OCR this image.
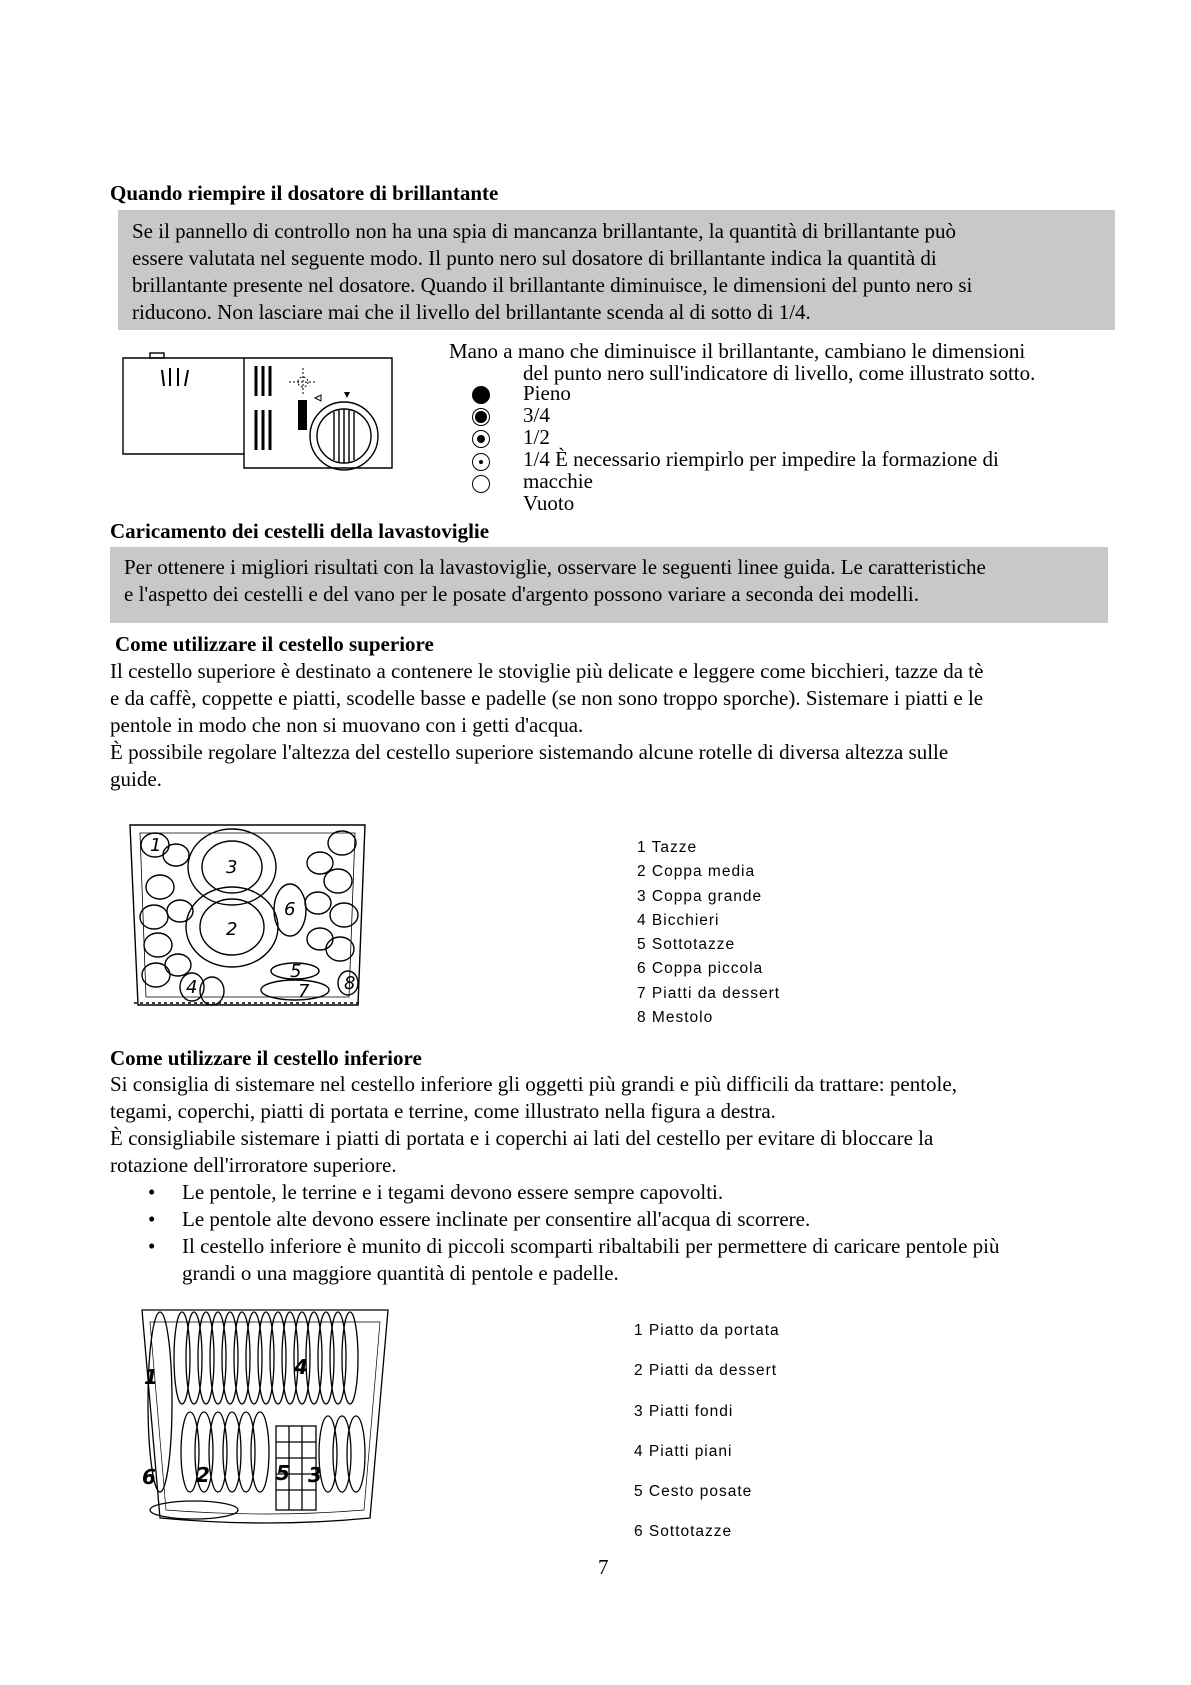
Quando riempire il dosatore di brillantante
Se il pannello di controllo non ha una spia di mancanza brillantante, la quantità di brillantante può
essere valutata nel seguente modo. Il punto nero sul dosatore di brillantante indica la quantità di
brillantante presente nel dosatore. Quando il brillantante diminuisce, le dimensioni del punto nero si
riducono. Non lasciare mai che il livello del brillantante scenda al di sotto di 1/4.
Mano a mano che diminuisce il brillantante, cambiano le dimensioni
del punto nero sull'indicatore di livello, come illustrato sotto.
Pieno
3/4
1/2
1/4 È necessario riempirlo per impedire la formazione di
macchie
Vuoto
Caricamento dei cestelli della lavastoviglie
Per ottenere i migliori risultati con la lavastoviglie, osservare le seguenti linee guida. Le caratteristiche
e l'aspetto dei cestelli e del vano per le posate d'argento possono variare a seconda dei modelli.
Come utilizzare il cestello superiore
Il cestello superiore è destinato a contenere le stoviglie più delicate e leggere come bicchieri, tazze da tè
e da caffè, coppette e piatti, scodelle basse e padelle (se non sono troppo sporche). Sistemare i piatti e le
pentole in modo che non si muovano con i getti d'acqua.
È possibile regolare l'altezza del cestello superiore sistemando alcune rotelle di diversa altezza sulle
guide.
1
2
3
4
5
6
7 8
1 Tazze
2 Coppa media
3 Coppa grande
4 Bicchieri
5 Sottotazze
6 Coppa piccola
7 Piatti da dessert
8 Mestolo
Come utilizzare il cestello inferiore
Si consiglia di sistemare nel cestello inferiore gli oggetti più grandi e più difficili da trattare: pentole,
tegami, coperchi, piatti di portata e terrine, come illustrato nella figura a destra.
È consigliabile sistemare i piatti di portata e i coperchi ai lati del cestello per evitare di bloccare la
rotazione dell'irroratore superiore.
• Le pentole, le terrine e i tegami devono essere sempre capovolti.
• Le pentole alte devono essere inclinate per consentire all'acqua di scorrere.
• Il cestello inferiore è munito di piccoli scomparti ribaltabili per permettere di caricare pentole più
grandi o una maggiore quantità di pentole e padelle.
1
2	3
4
5
6
1 Piatto da portata
2 Piatti da dessert
3 Piatti fondi
4 Piatti piani
5 Cesto posate
6 Sottotazze
7
